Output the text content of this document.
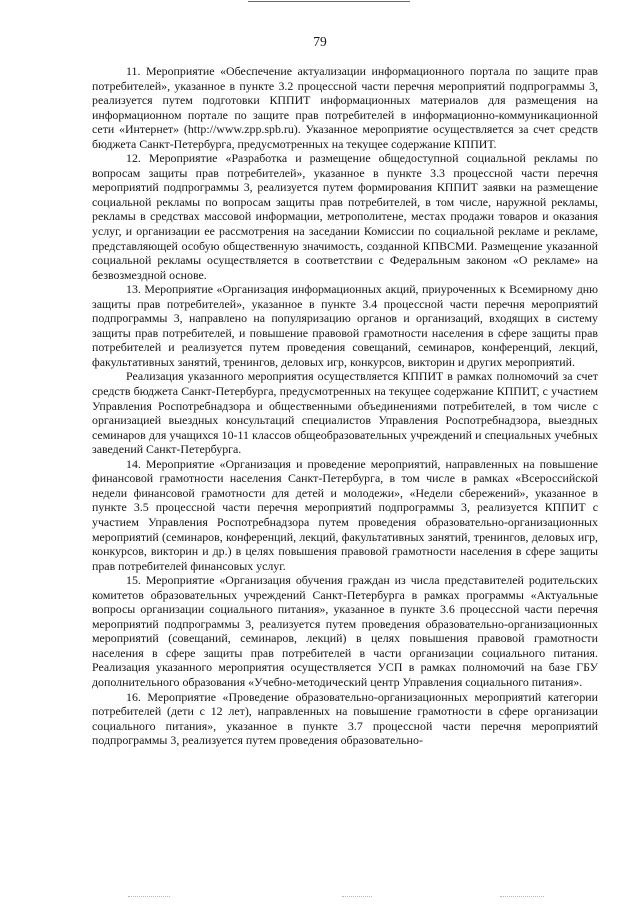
79

11. Мероприятие «Обеспечение актуализации информационного портала по защите прав потребителей», указанное в пункте 3.2 процессной части перечня мероприятий подпрограммы 3, реализуется путем подготовки КППИТ информационных материалов для размещения на информационном портале по защите прав потребителей в информационно-коммуникационной сети «Интернет» (http://www.zpp.spb.ru). Указанное мероприятие осуществляется за счет средств бюджета Санкт-Петербурга, предусмотренных на текущее содержание КППИТ.

12. Мероприятие «Разработка и размещение общедоступной социальной рекламы по вопросам защиты прав потребителей», указанное в пункте 3.3 процессной части перечня мероприятий подпрограммы 3, реализуется путем формирования КППИТ заявки на размещение социальной рекламы по вопросам защиты прав потребителей, в том числе, наружной рекламы, рекламы в средствах массовой информации, метрополитене, местах продажи товаров и оказания услуг, и организации ее рассмотрения на заседании Комиссии по социальной рекламе и рекламе, представляющей особую общественную значимость, созданной КПВСМИ. Размещение указанной социальной рекламы осуществляется в соответствии с Федеральным законом «О рекламе» на безвозмездной основе.

13. Мероприятие «Организация информационных акций, приуроченных к Всемирному дню защиты прав потребителей», указанное в пункте 3.4 процессной части перечня мероприятий подпрограммы 3, направлено на популяризацию органов и организаций, входящих в систему защиты прав потребителей, и повышение правовой грамотности населения в сфере защиты прав потребителей и реализуется путем проведения совещаний, семинаров, конференций, лекций, факультативных занятий, тренингов, деловых игр, конкурсов, викторин и других мероприятий.

Реализация указанного мероприятия осуществляется КППИТ в рамках полномочий за счет средств бюджета Санкт-Петербурга, предусмотренных на текущее содержание КППИТ, с участием Управления Роспотребнадзора и общественными объединениями потребителей, в том числе с организацией выездных консультаций специалистов Управления Роспотребнадзора, выездных семинаров для учащихся 10-11 классов общеобразовательных учреждений и специальных учебных заведений Санкт-Петербурга.

14. Мероприятие «Организация и проведение мероприятий, направленных на повышение финансовой грамотности населения Санкт-Петербурга, в том числе в рамках «Всероссийской недели финансовой грамотности для детей и молодежи», «Недели сбережений», указанное в пункте 3.5 процессной части перечня мероприятий подпрограммы 3, реализуется КППИТ с участием Управления Роспотребнадзора путем проведения образовательно-организационных мероприятий (семинаров, конференций, лекций, факультативных занятий, тренингов, деловых игр, конкурсов, викторин и др.) в целях повышения правовой грамотности населения в сфере защиты прав потребителей финансовых услуг.

15. Мероприятие «Организация обучения граждан из числа представителей родительских комитетов образовательных учреждений Санкт-Петербурга в рамках программы «Актуальные вопросы организации социального питания», указанное в пункте 3.6 процессной части перечня мероприятий подпрограммы 3, реализуется путем проведения образовательно-организационных мероприятий (совещаний, семинаров, лекций) в целях повышения правовой грамотности населения в сфере защиты прав потребителей в части организации социального питания. Реализация указанного мероприятия осуществляется УСП в рамках полномочий на базе ГБУ дополнительного образования «Учебно-методический центр Управления социального питания».

16. Мероприятие «Проведение образовательно-организационных мероприятий категории потребителей (дети с 12 лет), направленных на повышение грамотности в сфере организации социального питания», указанное в пункте 3.7 процессной части перечня мероприятий подпрограммы 3, реализуется путем проведения образовательно-
